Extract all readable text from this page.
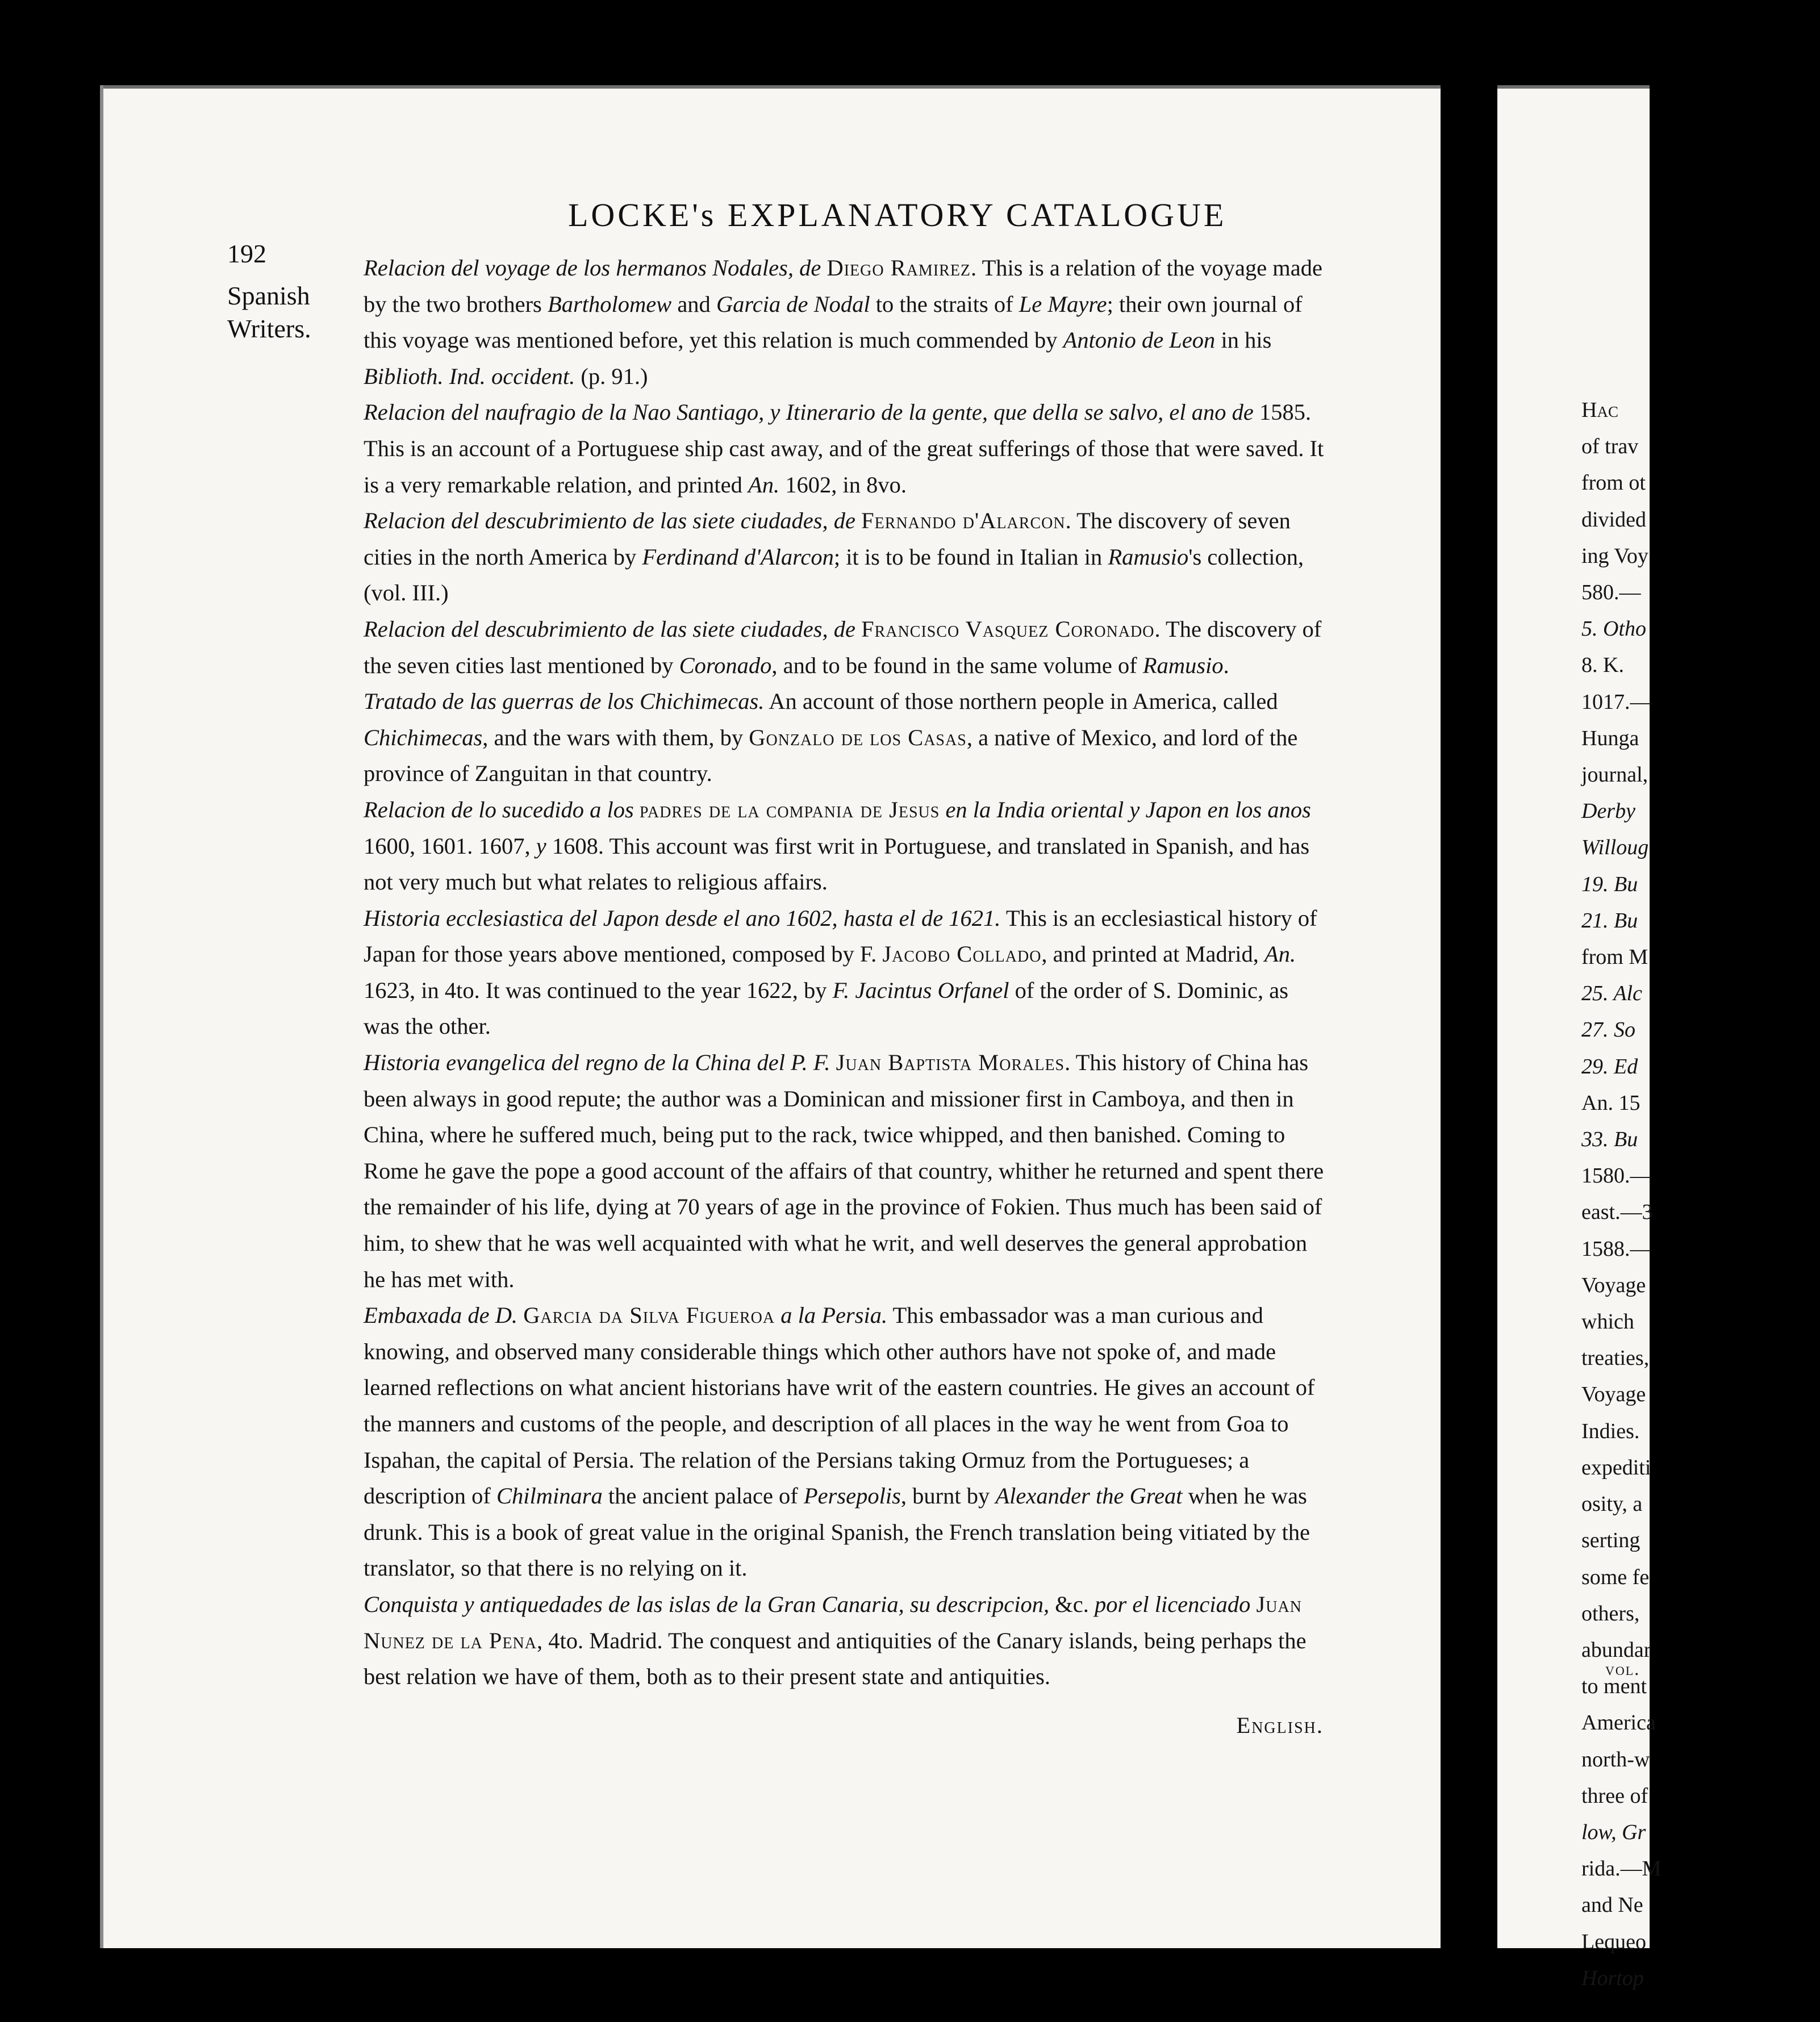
LOCKE's EXPLANATORY CATALOGUE
192
Spanish
Writers.

Relacion del voyage de los hermanos Nodales, de Diego Ramirez. This is a relation of the voyage made by the two brothers Bartholomew and Garcia de Nodal to the straits of Le Mayre; their own journal of this voyage was mentioned before, yet this relation is much commended by Antonio de Leon in his Biblioth. Ind. occident. (p. 91.)

Relacion del naufragio de la Nao Santiago, y Itinerario de la gente, que della se salvo, el ano de 1585. This is an account of a Portuguese ship cast away, and of the great sufferings of those that were saved. It is a very remarkable relation, and printed An. 1602, in 8vo.

Relacion del descubrimiento de las siete ciudades, de Fernando d'Alarcon. The discovery of seven cities in the north America by Ferdinand d'Alarcon; it is to be found in Italian in Ramusio's collection, (vol. III.)

Relacion del descubrimiento de las siete ciudades, de Francisco Vasquez Coronado. The discovery of the seven cities last mentioned by Coronado, and to be found in the same volume of Ramusio.

Tratado de las guerras de los Chichimecas. An account of those northern people in America, called Chichimecas, and the wars with them, by Gonzalo de los Casas, a native of Mexico, and lord of the province of Zanguitan in that country.

Relacion de lo sucedido a los padres de la compania de Jesus en la India oriental y Japon en los anos 1600, 1601. 1607, y 1608. This account was first writ in Portuguese, and translated in Spanish, and has not very much but what relates to religious affairs.

Historia ecclesiastica del Japon desde el ano 1602, hasta el de 1621. This is an ecclesiastical history of Japan for those years above mentioned, composed by F. Jacobo Collado, and printed at Madrid, An. 1623, in 4to. It was continued to the year 1622, by F. Jacintus Orfanel of the order of S. Dominic, as was the other.

Historia evangelica del regno de la China del P. F. Juan Baptista Morales. This history of China has been always in good repute; the author was a Dominican and missioner first in Camboya, and then in China, where he suffered much, being put to the rack, twice whipped, and then banished. Coming to Rome he gave the pope a good account of the affairs of that country, whither he returned and spent there the remainder of his life, dying at 70 years of age in the province of Fokien. Thus much has been said of him, to shew that he was well acquainted with what he writ, and well deserves the general approbation he has met with.

Embaxada de D. Garcia da Silva Figueroa a la Persia. This embassador was a man curious and knowing, and observed many considerable things which other authors have not spoke of, and made learned reflections on what ancient historians have writ of the eastern countries. He gives an account of the manners and customs of the people, and description of all places in the way he went from Goa to Ispahan, the capital of Persia. The relation of the Persians taking Ormuz from the Portugueses; a description of Chilminara the ancient palace of Persepolis, burnt by Alexander the Great when he was drunk. This is a book of great value in the original Spanish, the French translation being vitiated by the translator, so that there is no relying on it.

Conquista y antiquedades de las islas de la Gran Canaria, su descripcion, &c. por el licenciado Juan Nunez de la Pena, 4to. Madrid. The conquest and antiquities of the Canary islands, being perhaps the best relation we have of them, both as to their present state and antiquities.

English.
Hac
of trav
from ot
divided
ing Voy
580.—
5. Otho
8. K.
1017.—
Hunga
journal,
Derby
Willoug
19. Bu
21. Bu
from M
25. Alc
27. So
29. Ed
An. 15
33. Bu
1580.—
east.—3
1588.—
Voyage
which
treaties,
Voyage
Indies.
expediti
osity, a
serting
some fe
others,
abundar
to ment
America
north-w
three of
low, Gr
rida.—M
and Ne
Lequeo
Hortop
vol.
